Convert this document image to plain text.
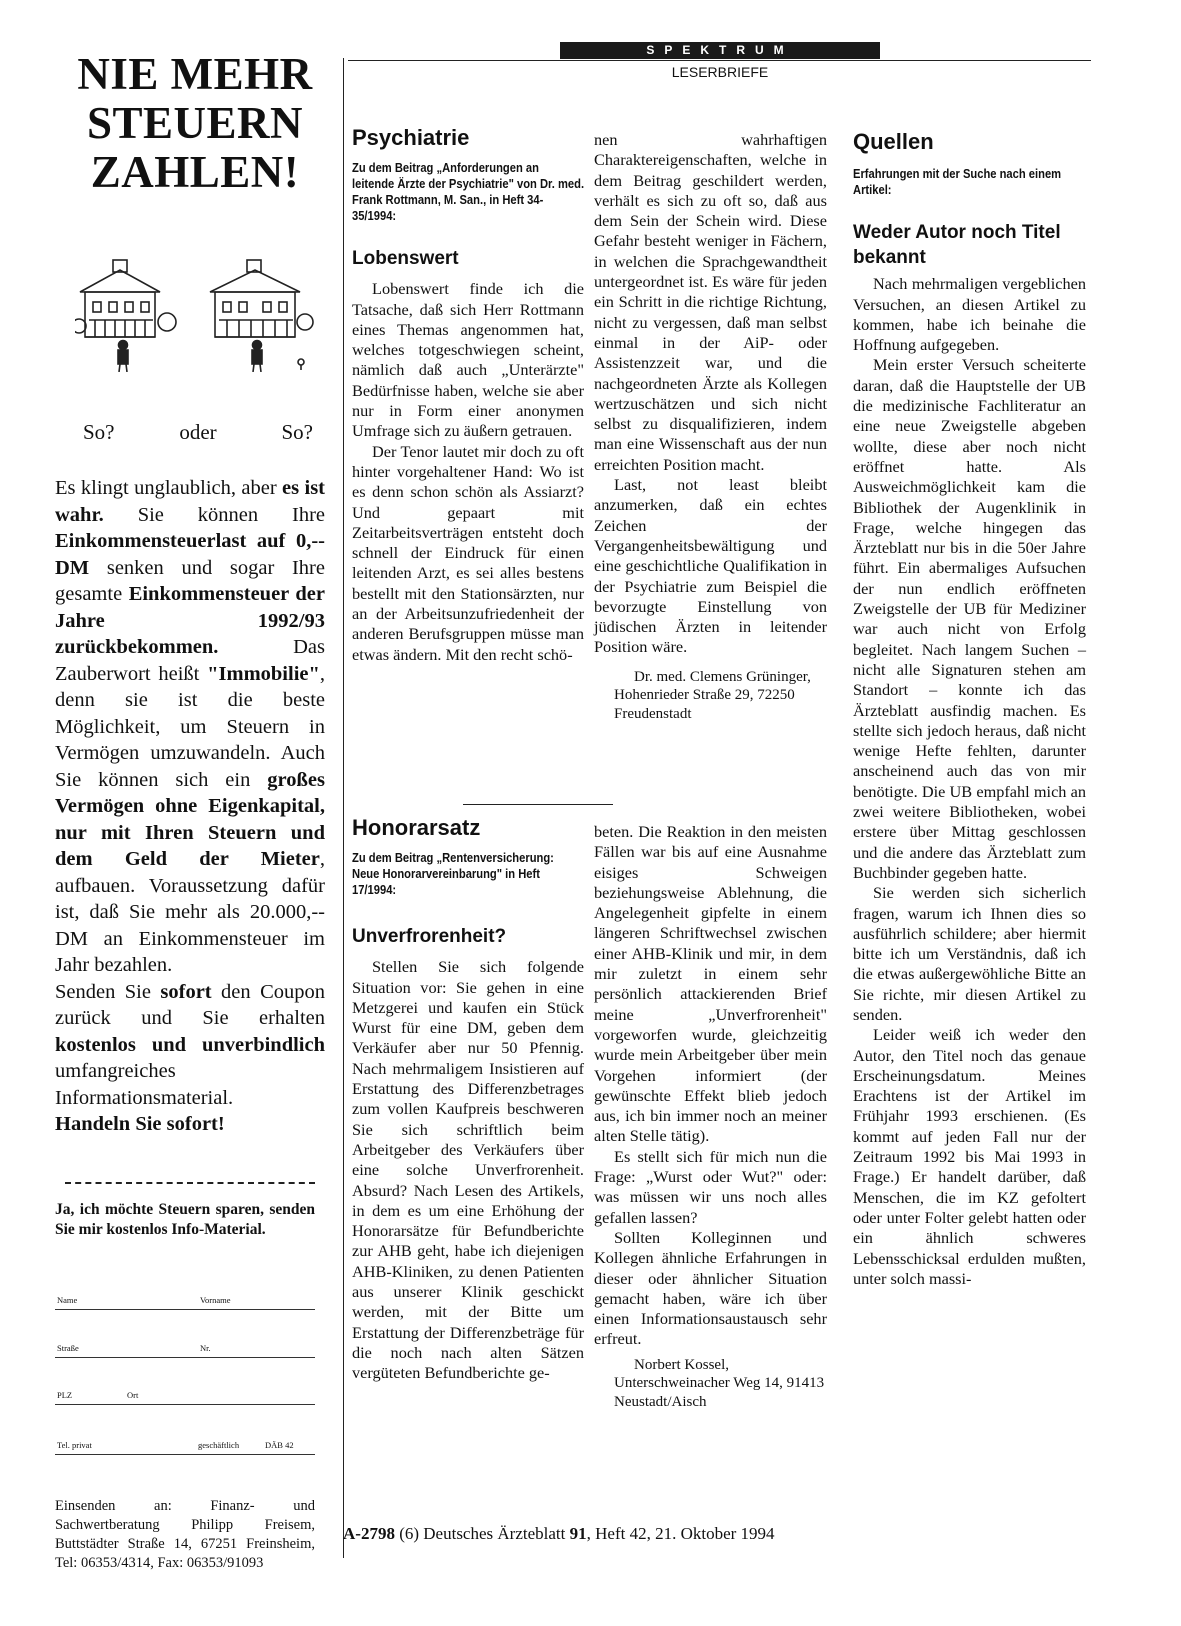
NIE MEHR
STEUERN
ZAHLEN!
So?	oder	So?

Es klingt unglaublich, aber es ist wahr. Sie können Ihre Einkommensteuerlast auf 0,-- DM senken und sogar Ihre gesamte Einkommensteuer der Jahre 1992/93 zurückbekommen. Das Zauberwort heißt "Immobilie", denn sie ist die beste Möglichkeit, um Steuern in Vermögen umzuwandeln. Auch Sie können sich ein großes Vermögen ohne Eigenkapital, nur mit Ihren Steuern und dem Geld der Mieter, aufbauen. Voraussetzung dafür ist, daß Sie mehr als 20.000,-- DM an Einkommensteuer im Jahr bezahlen.

Senden Sie sofort den Coupon zurück und Sie erhalten kostenlos und unverbindlich umfangreiches Informationsmaterial.

Handeln Sie sofort!

Ja, ich möchte Steuern sparen, senden Sie mir kostenlos Info-Material.
Name	Vorname
Straße	Nr.
PLZ	Ort
Tel. privat	geschäftlich	DÄB 42
Einsenden an: Finanz- und Sachwertberatung Philipp Freisem, Buttstädter Straße 14, 67251 Freinsheim, Tel: 06353/4314, Fax: 06353/91093
SPEKTRUM
LESERBRIEFE
Psychiatrie

Zu dem Beitrag „Anforderungen an leitende Ärzte der Psychiatrie" von Dr. med. Frank Rottmann, M. San., in Heft 34-35/1994:

Lobenswert

Lobenswert finde ich die Tatsache, daß sich Herr Rottmann eines Themas angenommen hat, welches totgeschwiegen scheint, nämlich daß auch „Unterärzte" Bedürfnisse haben, welche sie aber nur in Form einer anonymen Umfrage sich zu äußern getrauen.

Der Tenor lautet mir doch zu oft hinter vorgehaltener Hand: Wo ist es denn schon schön als Assiarzt? Und gepaart mit Zeitarbeitsverträgen entsteht doch schnell der Eindruck für einen leitenden Arzt, es sei alles bestens bestellt mit den Stationsärzten, nur an der Arbeitsunzufriedenheit der anderen Berufsgruppen müsse man etwas ändern. Mit den recht schö-

nen wahrhaftigen Charaktereigenschaften, welche in dem Beitrag geschildert werden, verhält es sich zu oft so, daß aus dem Sein der Schein wird. Diese Gefahr besteht weniger in Fächern, in welchen die Sprachgewandtheit untergeordnet ist. Es wäre für jeden ein Schritt in die richtige Richtung, nicht zu vergessen, daß man selbst einmal in der AiP- oder Assistenzzeit war, und die nachgeordneten Ärzte als Kollegen wertzuschätzen und sich nicht selbst zu disqualifizieren, indem man eine Wissenschaft aus der nun erreichten Position macht.

Last, not least bleibt anzumerken, daß ein echtes Zeichen der Vergangenheitsbewältigung und eine geschichtliche Qualifikation in der Psychiatrie zum Beispiel die bevorzugte Einstellung von jüdischen Ärzten in leitender Position wäre.

Dr. med. Clemens Grüninger, Hohenrieder Straße 29, 72250 Freudenstadt

Honorarsatz

Zu dem Beitrag „Rentenversicherung: Neue Honorarvereinbarung" in Heft 17/1994:

Unverfrorenheit?

Stellen Sie sich folgende Situation vor: Sie gehen in eine Metzgerei und kaufen ein Stück Wurst für eine DM, geben dem Verkäufer aber nur 50 Pfennig. Nach mehrmaligem Insistieren auf Erstattung des Differenzbetrages zum vollen Kaufpreis beschweren Sie sich schriftlich beim Arbeitgeber des Verkäufers über eine solche Unverfrorenheit. Absurd? Nach Lesen des Artikels, in dem es um eine Erhöhung der Honorarsätze für Befundberichte zur AHB geht, habe ich diejenigen AHB-Kliniken, zu denen Patienten aus unserer Klinik geschickt werden, mit der Bitte um Erstattung der Differenzbeträge für die noch nach alten Sätzen vergüteten Befundberichte ge-

beten. Die Reaktion in den meisten Fällen war bis auf eine Ausnahme eisiges Schweigen beziehungsweise Ablehnung, die Angelegenheit gipfelte in einem längeren Schriftwechsel zwischen einer AHB-Klinik und mir, in dem mir zuletzt in einem sehr persönlich attackierenden Brief meine „Unverfrorenheit" vorgeworfen wurde, gleichzeitig wurde mein Arbeitgeber über mein Vorgehen informiert (der gewünschte Effekt blieb jedoch aus, ich bin immer noch an meiner alten Stelle tätig).

Es stellt sich für mich nun die Frage: „Wurst oder Wut?" oder: was müssen wir uns noch alles gefallen lassen?

Sollten Kolleginnen und Kollegen ähnliche Erfahrungen in dieser oder ähnlicher Situation gemacht haben, wäre ich über einen Informationsaustausch sehr erfreut.

Norbert Kossel, Unterschweinacher Weg 14, 91413 Neustadt/Aisch

Quellen

Erfahrungen mit der Suche nach einem Artikel:

Weder Autor noch Titel bekannt

Nach mehrmaligen vergeblichen Versuchen, an diesen Artikel zu kommen, habe ich beinahe die Hoffnung aufgegeben.

Mein erster Versuch scheiterte daran, daß die Hauptstelle der UB die medizinische Fachliteratur an eine neue Zweigstelle abgeben wollte, diese aber noch nicht eröffnet hatte. Als Ausweichmöglichkeit kam die Bibliothek der Augenklinik in Frage, welche hingegen das Ärzteblatt nur bis in die 50er Jahre führt. Ein abermaliges Aufsuchen der nun endlich eröffneten Zweigstelle der UB für Mediziner war auch nicht von Erfolg begleitet. Nach langem Suchen – nicht alle Signaturen stehen am Standort – konnte ich das Ärzteblatt ausfindig machen. Es stellte sich jedoch heraus, daß nicht wenige Hefte fehlten, darunter anscheinend auch das von mir benötigte. Die UB empfahl mich an zwei weitere Bibliotheken, wobei erstere über Mittag geschlossen und die andere das Ärzteblatt zum Buchbinder gegeben hatte.

Sie werden sich sicherlich fragen, warum ich Ihnen dies so ausführlich schildere; aber hiermit bitte ich um Verständnis, daß ich die etwas außergewöhliche Bitte an Sie richte, mir diesen Artikel zu senden.

Leider weiß ich weder den Autor, den Titel noch das genaue Erscheinungsdatum. Meines Erachtens ist der Artikel im Frühjahr 1993 erschienen. (Es kommt auf jeden Fall nur der Zeitraum 1992 bis Mai 1993 in Frage.) Er handelt darüber, daß Menschen, die im KZ gefoltert oder unter Folter gelebt hatten oder ein ähnlich schweres Lebensschicksal erdulden mußten, unter solch massi-

A-2798 (6) Deutsches Ärzteblatt 91, Heft 42, 21. Oktober 1994
